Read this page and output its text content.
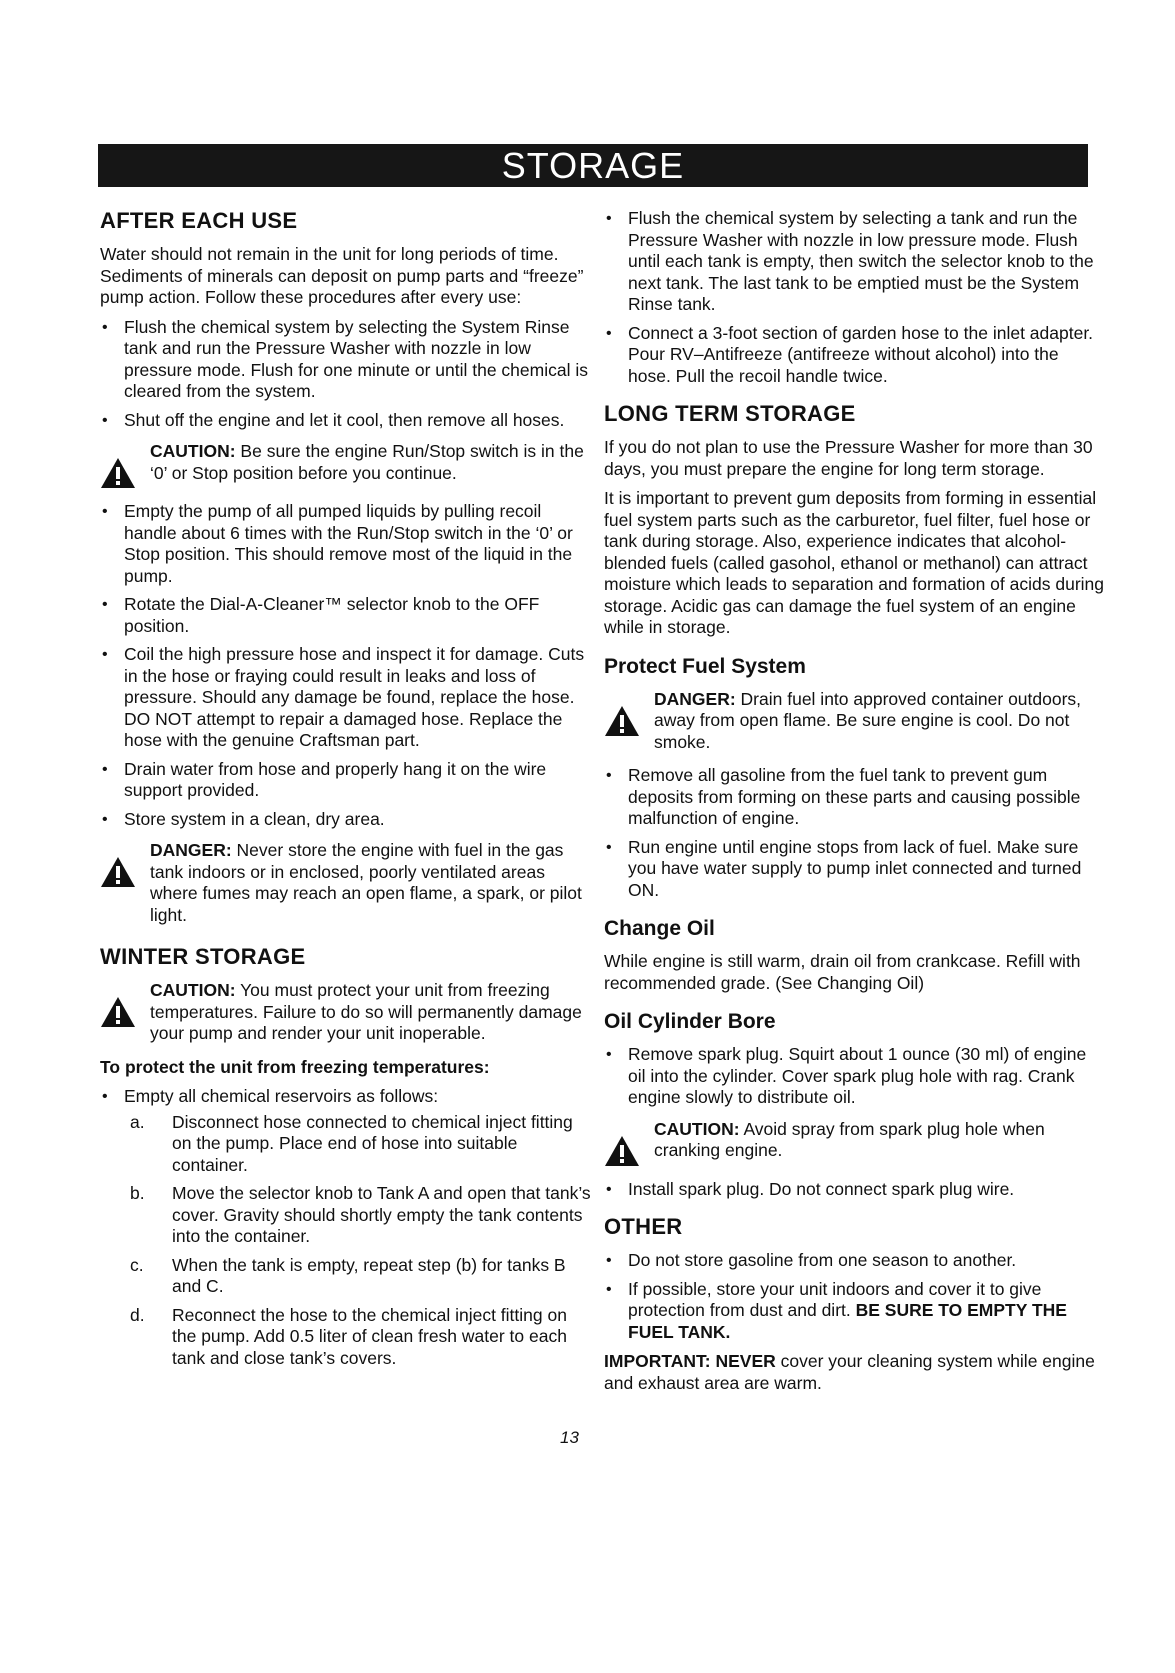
STORAGE
AFTER EACH USE

Water should not remain in the unit for long periods of time. Sediments of minerals can deposit on pump parts and “freeze” pump action. Follow these procedures after every use:

• Flush the chemical system by selecting the System Rinse tank and run the Pressure Washer with nozzle in low pressure mode. Flush for one minute or until the chemical is cleared from the system.
• Shut off the engine and let it cool, then remove all hoses.
CAUTION: Be sure the engine Run/Stop switch is in the ‘0’ or Stop position before you continue.
• Empty the pump of all pumped liquids by pulling recoil handle about 6 times with the Run/Stop switch in the ‘0’ or Stop position. This should remove most of the liquid in the pump.
• Rotate the Dial-A-Cleaner™ selector knob to the OFF position.
• Coil the high pressure hose and inspect it for damage. Cuts in the hose or fraying could result in leaks and loss of pressure. Should any damage be found, replace the hose. DO NOT attempt to repair a damaged hose. Replace the hose with the genuine Craftsman part.
• Drain water from hose and properly hang it on the wire support provided.
• Store system in a clean, dry area.
DANGER: Never store the engine with fuel in the gas tank indoors or in enclosed, poorly ventilated areas where fumes may reach an open flame, a spark, or pilot light.
WINTER STORAGE
CAUTION: You must protect your unit from freezing temperatures. Failure to do so will permanently damage your pump and render your unit inoperable.

To protect the unit from freezing temperatures:

• Empty all chemical reservoirs as follows:
a. Disconnect hose connected to chemical inject fitting on the pump. Place end of hose into suitable container.
b. Move the selector knob to Tank A and open that tank’s cover. Gravity should shortly empty the tank contents into the container.
c. When the tank is empty, repeat step (b) for tanks B and C.
d. Reconnect the hose to the chemical inject fitting on the pump. Add 0.5 liter of clean fresh water to each tank and close tank’s covers.
• Flush the chemical system by selecting a tank and run the Pressure Washer with nozzle in low pressure mode. Flush until each tank is empty, then switch the selector knob to the next tank. The last tank to be emptied must be the System Rinse tank.
• Connect a 3-foot section of garden hose to the inlet adapter. Pour RV–Antifreeze (antifreeze without alcohol) into the hose. Pull the recoil handle twice.
LONG TERM STORAGE

If you do not plan to use the Pressure Washer for more than 30 days, you must prepare the engine for long term storage.

It is important to prevent gum deposits from forming in essential fuel system parts such as the carburetor, fuel filter, fuel hose or tank during storage. Also, experience indicates that alcohol-blended fuels (called gasohol, ethanol or methanol) can attract moisture which leads to separation and formation of acids during storage. Acidic gas can damage the fuel system of an engine while in storage.

Protect Fuel System
DANGER: Drain fuel into approved container outdoors, away from open flame. Be sure engine is cool. Do not smoke.
• Remove all gasoline from the fuel tank to prevent gum deposits from forming on these parts and causing possible malfunction of engine.
• Run engine until engine stops from lack of fuel. Make sure you have water supply to pump inlet connected and turned ON.
Change Oil

While engine is still warm, drain oil from crankcase. Refill with recommended grade. (See Changing Oil)

Oil Cylinder Bore
• Remove spark plug. Squirt about 1 ounce (30 ml) of engine oil into the cylinder. Cover spark plug hole with rag. Crank engine slowly to distribute oil.
CAUTION: Avoid spray from spark plug hole when cranking engine.
• Install spark plug. Do not connect spark plug wire.
OTHER
• Do not store gasoline from one season to another.
• If possible, store your unit indoors and cover it to give protection from dust and dirt. BE SURE TO EMPTY THE FUEL TANK.

IMPORTANT: NEVER cover your cleaning system while engine and exhaust area are warm.

13
